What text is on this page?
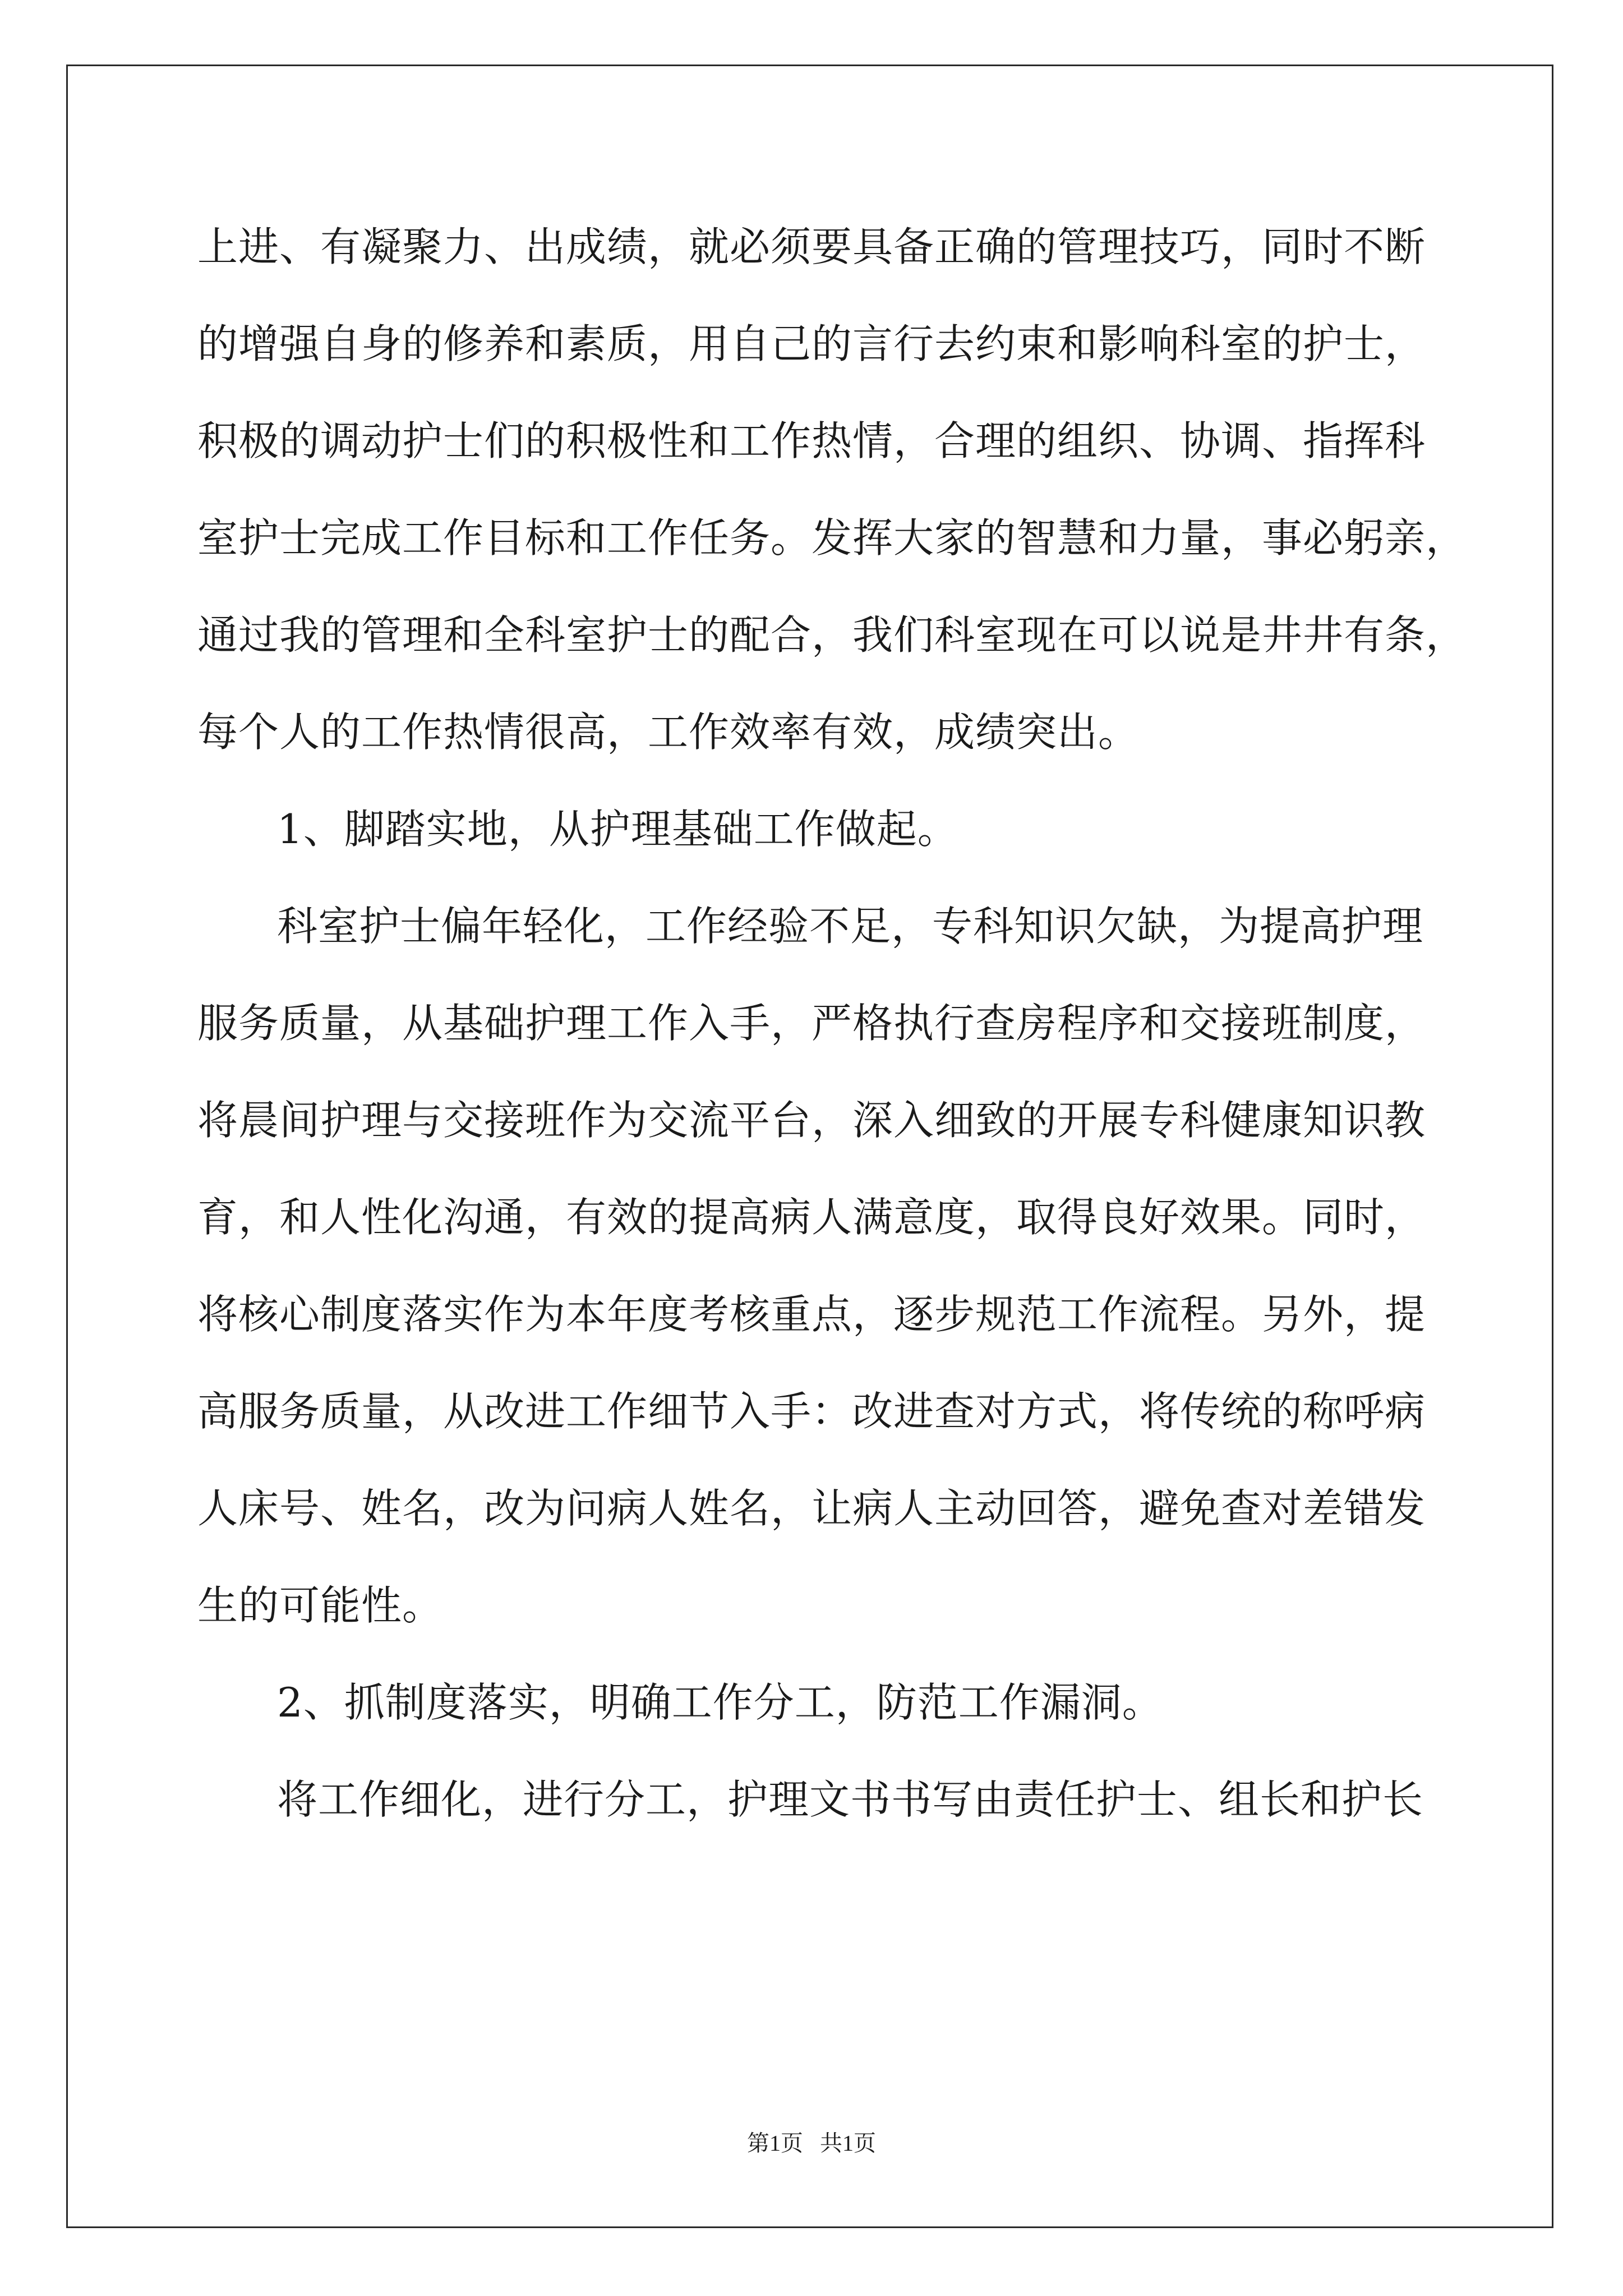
上进、有凝聚力、出成绩，就必须要具备正确的管理技巧，同时不断
的增强自身的修养和素质，用自己的言行去约束和影响科室的护士，
积极的调动护士们的积极性和工作热情，合理的组织、协调、指挥科
室护士完成工作目标和工作任务。发挥大家的智慧和力量，事必躬亲，
通过我的管理和全科室护士的配合，我们科室现在可以说是井井有条，
每个人的工作热情很高，工作效率有效，成绩突出。
1、脚踏实地，从护理基础工作做起。
科室护士偏年轻化，工作经验不足，专科知识欠缺，为提高护理
服务质量，从基础护理工作入手，严格执行查房程序和交接班制度，
将晨间护理与交接班作为交流平台，深入细致的开展专科健康知识教
育，和人性化沟通，有效的提高病人满意度，取得良好效果。同时，
将核心制度落实作为本年度考核重点，逐步规范工作流程。另外，提
高服务质量，从改进工作细节入手：改进查对方式，将传统的称呼病
人床号、姓名，改为问病人姓名，让病人主动回答，避免查对差错发
生的可能性。
2、抓制度落实，明确工作分工，防范工作漏洞。
将工作细化，进行分工，护理文书书写由责任护士、组长和护长
第1页   共1页
